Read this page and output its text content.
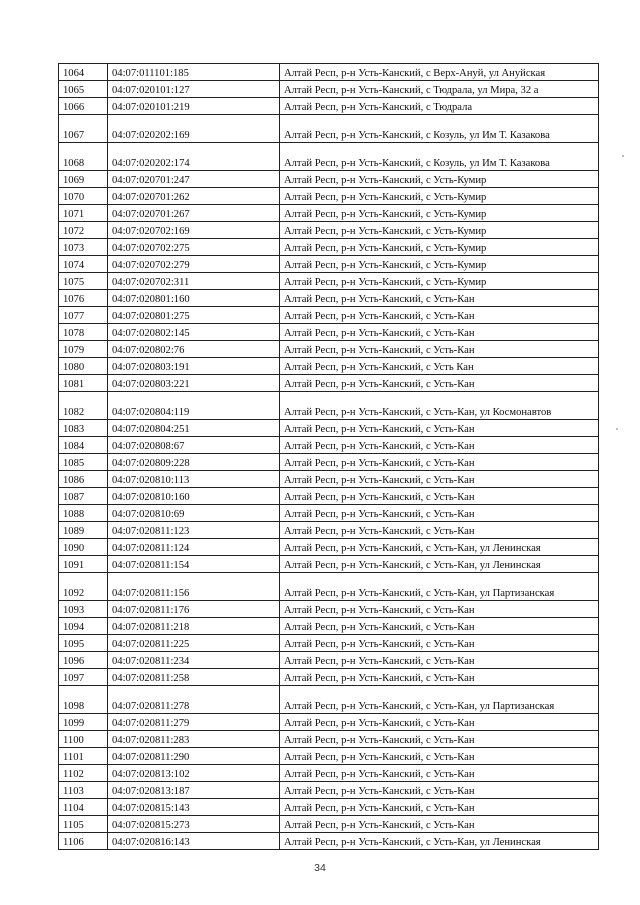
1064	04:07:011101:185	Алтай Респ, р-н Усть-Канский, с Верх-Ануй, ул Ануйская

1065	04:07:020101:127	Алтай Респ, р-н Усть-Канский, с Тюдрала, ул Мира, 32 а

1066	04:07:020101:219	Алтай Респ, р-н Усть-Канский, с Тюдрала

1067	04:07:020202:169	Алтай Респ, р-н Усть-Канский, с Козуль, ул Им Т. Казакова

1068	04:07:020202:174	Алтай Респ, р-н Усть-Канский, с Козуль, ул Им Т. Казакова

1069	04:07:020701:247	Алтай Респ, р-н Усть-Канский, с Усть-Кумир

1070	04:07:020701:262	Алтай Респ, р-н Усть-Канский, с Усть-Кумир

1071	04:07:020701:267	Алтай Респ, р-н Усть-Канский, с Усть-Кумир

1072	04:07:020702:169	Алтай Респ, р-н Усть-Канский, с Усть-Кумир

1073	04:07:020702:275	Алтай Респ, р-н Усть-Канский, с Усть-Кумир

1074	04:07:020702:279	Алтай Респ, р-н Усть-Канский, с Усть-Кумир

1075	04:07:020702:311	Алтай Респ, р-н Усть-Канский, с Усть-Кумир

1076	04:07:020801:160	Алтай Респ, р-н Усть-Канский, с Усть-Кан

1077	04:07:020801:275	Алтай Респ, р-н Усть-Канский, с Усть-Кан

1078	04:07:020802:145	Алтай Респ, р-н Усть-Канский, с Усть-Кан

1079	04:07:020802:76	Алтай Респ, р-н Усть-Канский, с Усть-Кан

1080	04:07:020803:191	Алтай Респ, р-н Усть-Канский, с Усть Кан

1081	04:07:020803:221	Алтай Респ, р-н Усть-Канский, с Усть-Кан

1082	04:07:020804:119	Алтай Респ, р-н Усть-Канский, с Усть-Кан, ул Космонавтов

1083	04:07:020804:251	Алтай Респ, р-н Усть-Канский, с Усть-Кан

1084	04:07:020808:67	Алтай Респ, р-н Усть-Канский, с Усть-Кан

1085	04:07:020809:228	Алтай Респ, р-н Усть-Канский, с Усть-Кан

1086	04:07:020810:113	Алтай Респ, р-н Усть-Канский, с Усть-Кан

1087	04:07:020810:160	Алтай Респ, р-н Усть-Канский, с Усть-Кан

1088	04:07:020810:69	Алтай Респ, р-н Усть-Канский, с Усть-Кан

1089	04:07:020811:123	Алтай Респ, р-н Усть-Канский, с Усть-Кан

1090	04:07:020811:124	Алтай Респ, р-н Усть-Канский, с Усть-Кан, ул Ленинская

1091	04:07:020811:154	Алтай Респ, р-н Усть-Канский, с Усть-Кан, ул Ленинская

1092	04:07:020811:156	Алтай Респ, р-н Усть-Канский, с Усть-Кан, ул Партизанская

1093	04:07:020811:176	Алтай Респ, р-н Усть-Канский, с Усть-Кан

1094	04:07:020811:218	Алтай Респ, р-н Усть-Канский, с Усть-Кан

1095	04:07:020811:225	Алтай Респ, р-н Усть-Канский, с Усть-Кан

1096	04:07:020811:234	Алтай Респ, р-н Усть-Канский, с Усть-Кан

1097	04:07:020811:258	Алтай Респ, р-н Усть-Канский, с Усть-Кан

1098	04:07:020811:278	Алтай Респ, р-н Усть-Канский, с Усть-Кан, ул Партизанская

1099	04:07:020811:279	Алтай Респ, р-н Усть-Канский, с Усть-Кан

1100	04:07:020811:283	Алтай Респ, р-н Усть-Канский, с Усть-Кан

1101	04:07:020811:290	Алтай Респ, р-н Усть-Канский, с Усть-Кан

1102	04:07:020813:102	Алтай Респ, р-н Усть-Канский, с Усть-Кан

1103	04:07:020813:187	Алтай Респ, р-н Усть-Канский, с Усть-Кан

1104	04:07:020815:143	Алтай Респ, р-н Усть-Канский, с Усть-Кан

1105	04:07:020815:273	Алтай Респ, р-н Усть-Канский, с Усть-Кан

1106	04:07:020816:143	Алтай Респ, р-н Усть-Канский, с Усть-Кан, ул Ленинская
34
